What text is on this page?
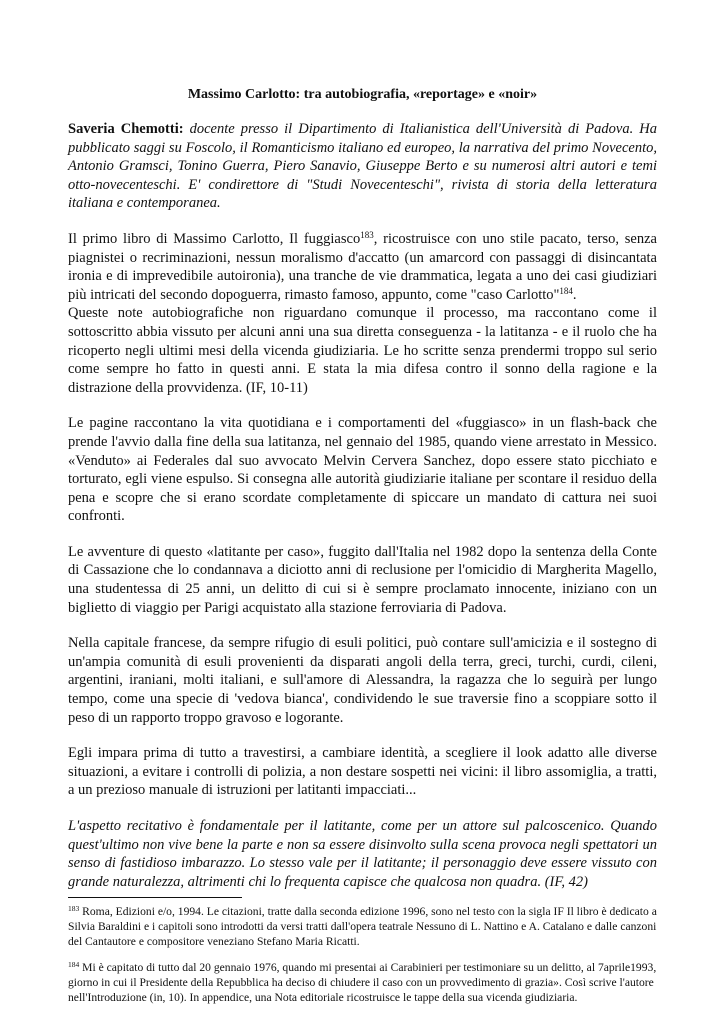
Massimo Carlotto: tra autobiografia, «reportage» e «noir»

Saveria Chemotti: docente presso il Dipartimento di Italianistica dell'Università di Padova. Ha pubblicato saggi su Foscolo, il Romanticismo italiano ed europeo, la narrativa del primo Novecento, Antonio Gramsci, Tonino Guerra, Piero Sanavio, Giuseppe Berto e su numerosi altri autori e temi otto-novecenteschi. E' condirettore di "Studi Novecenteschi", rivista di storia della letteratura italiana e contemporanea.

Il primo libro di Massimo Carlotto, Il fuggiasco$^{183}$, ricostruisce con uno stile pacato, terso, senza piagnistei o recriminazioni, nessun moralismo d'accatto (un amarcord con passaggi di disincantata ironia e di imprevedibile autoironia), una tranche de vie drammatica, legata a uno dei casi giudiziari più intricati del secondo dopoguerra, rimasto famoso, appunto, come "caso Carlotto"$^{184}$.

Queste note autobiografiche non riguardano comunque il processo, ma raccontano come il sottoscritto abbia vissuto per alcuni anni una sua diretta conseguenza - la latitanza - e il ruolo che ha ricoperto negli ultimi mesi della vicenda giudiziaria. Le ho scritte senza prendermi troppo sul serio come sempre ho fatto in questi anni. E stata la mia difesa contro il sonno della ragione e la distrazione della provvidenza. (IF, 10-11)

Le pagine raccontano la vita quotidiana e i comportamenti del «fuggiasco» in un flash-back che prende l'avvio dalla fine della sua latitanza, nel gennaio del 1985, quando viene arrestato in Messico. «Venduto» ai Federales dal suo avvocato Melvin Cervera Sanchez, dopo essere stato picchiato e torturato, egli viene espulso. Si consegna alle autorità giudiziarie italiane per scontare il residuo della pena e scopre che si erano scordate completamente di spiccare un mandato di cattura nei suoi confronti.

Le avventure di questo «latitante per caso», fuggito dall'Italia nel 1982 dopo la sentenza della Conte di Cassazione che lo condannava a diciotto anni di reclusione per l'omicidio di Margherita Magello, una studentessa di 25 anni, un delitto di cui si è sempre proclamato innocente, iniziano con un biglietto di viaggio per Parigi acquistato alla stazione ferroviaria di Padova.

Nella capitale francese, da sempre rifugio di esuli politici, può contare sull'amicizia e il sostegno di un'ampia comunità di esuli provenienti da disparati angoli della terra, greci, turchi, curdi, cileni, argentini, iraniani, molti italiani, e sull'amore di Alessandra, la ragazza che lo seguirà per lungo tempo, come una specie di 'vedova bianca', condividendo le sue traversie fino a scoppiare sotto il peso di un rapporto troppo gravoso e logorante.

Egli impara prima di tutto a travestirsi, a cambiare identità, a scegliere il look adatto alle diverse situazioni, a evitare i controlli di polizia, a non destare sospetti nei vicini: il libro assomiglia, a tratti, a un prezioso manuale di istruzioni per latitanti impacciati...

L'aspetto recitativo è fondamentale per il latitante, come per un attore sul palcoscenico. Quando quest'ultimo non vive bene la parte e non sa essere disinvolto sulla scena provoca negli spettatori un senso di fastidioso imbarazzo. Lo stesso vale per il latitante; il personaggio deve essere vissuto con grande naturalezza, altrimenti chi lo frequenta capisce che qualcosa non quadra. (IF, 42)

$^{183}$ Roma, Edizioni e/o, 1994. Le citazioni, tratte dalla seconda edizione 1996, sono nel testo con la sigla IF Il libro è dedicato a Silvia Baraldini e i capitoli sono introdotti da versi tratti dall'opera teatrale Nessuno di L. Nattino e A. Catalano e dalle canzoni del Cantautore e compositore veneziano Stefano Maria Ricatti.

$^{184}$ Mi è capitato di tutto dal 20 gennaio 1976, quando mi presentai ai Carabinieri per testimoniare su un delitto, al 7aprile1993, giorno in cui il Presidente della Repubblica ha deciso di chiudere il caso con un provvedimento di grazia». Così scrive l'autore nell'Introduzione (in, 10). In appendice, una Nota editoriale ricostruisce le tappe della sua vicenda giudiziaria.
